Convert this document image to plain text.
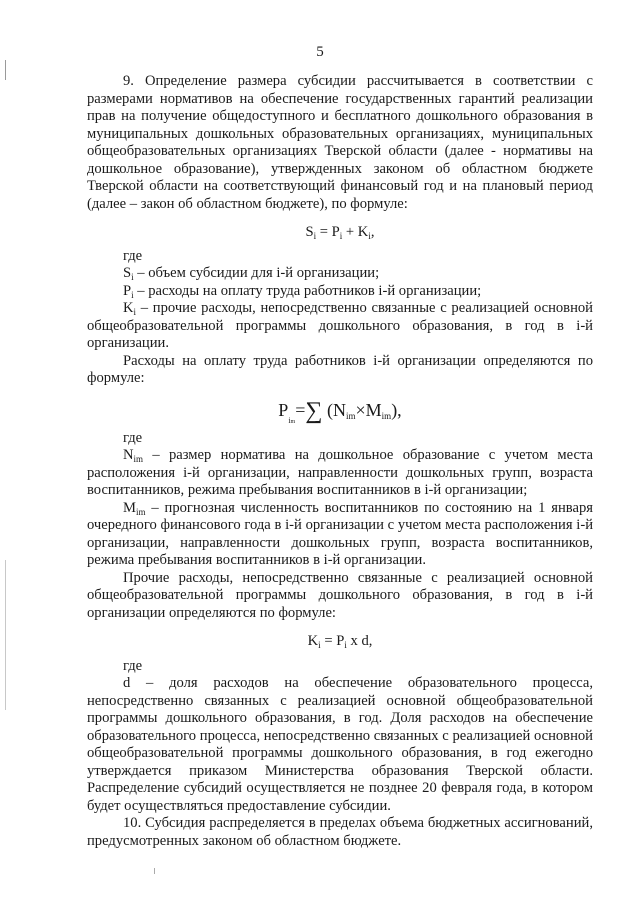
5

9. Определение размера субсидии рассчитывается в соответствии с размерами нормативов на обеспечение государственных гарантий реализации прав на получение общедоступного и бесплатного дошкольного образования в муниципальных дошкольных образовательных организациях, муниципальных общеобразовательных организациях Тверской области (далее - нормативы на дошкольное образование), утвержденных законом об областном бюджете Тверской области на соответствующий финансовый год и на плановый период (далее – закон об областном бюджете), по формуле:

$S_i = P_i + K_i$,

где

$S_i$ – объем субсидии для i-й организации;

$P_i$ – расходы на оплату труда работников i-й организации;

$K_i$ – прочие расходы, непосредственно связанные с реализацией основной общеобразовательной программы дошкольного образования, в год в i-й организации.

Расходы на оплату труда работников i-й организации определяются по формуле:

$P_{im}=\sum$ (Nim×Mim),

где

$N_{im}$ – размер норматива на дошкольное образование с учетом места расположения i-й организации, направленности дошкольных групп, возраста воспитанников, режима пребывания воспитанников в i-й организации;

$M_{im}$ – прогнозная численность воспитанников по состоянию на 1 января очередного финансового года в i-й организации с учетом места расположения i-й организации, направленности дошкольных групп, возраста воспитанников, режима пребывания воспитанников в i-й организации.

Прочие расходы, непосредственно связанные с реализацией основной общеобразовательной программы дошкольного образования, в год в i-й организации определяются по формуле:

$K_i = P_i$ x d,

где

d – доля расходов на обеспечение образовательного процесса, непосредственно связанных с реализацией основной общеобразовательной программы дошкольного образования, в год. Доля расходов на обеспечение образовательного процесса, непосредственно связанных с реализацией основной общеобразовательной программы дошкольного образования, в год ежегодно утверждается приказом Министерства образования Тверской области. Распределение субсидий осуществляется не позднее 20 февраля года, в котором будет осуществляться предоставление субсидии.

10. Субсидия распределяется в пределах объема бюджетных ассигнований, предусмотренных законом об областном бюджете.
